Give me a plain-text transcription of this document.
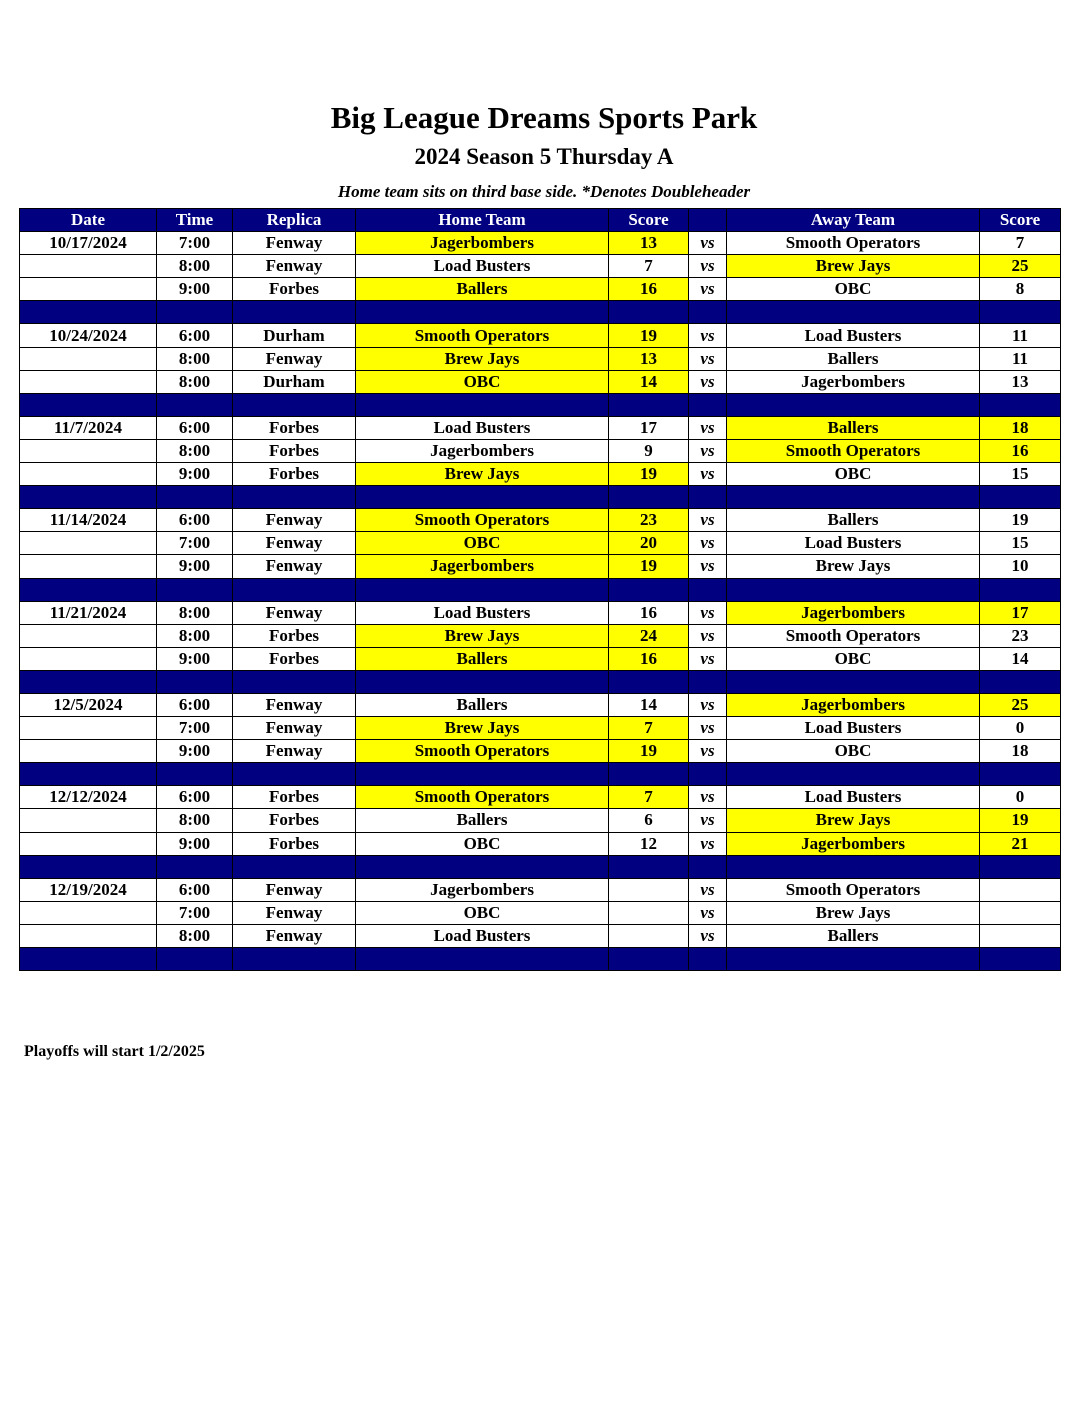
Big League Dreams Sports Park
2024 Season 5 Thursday A
Home team sits on third base side. *Denotes Doubleheader
Date	Time	Replica	Home Team	Score		Away Team	Score
10/17/2024	7:00	Fenway	Jagerbombers	13	vs	Smooth Operators	7
	8:00	Fenway	Load Busters	7	vs	Brew Jays	25
	9:00	Forbes	Ballers	16	vs	OBC	8

10/24/2024	6:00	Durham	Smooth Operators	19	vs	Load Busters	11
	8:00	Fenway	Brew Jays	13	vs	Ballers	11
	8:00	Durham	OBC	14	vs	Jagerbombers	13

11/7/2024	6:00	Forbes	Load Busters	17	vs	Ballers	18
	8:00	Forbes	Jagerbombers	9	vs	Smooth Operators	16
	9:00	Forbes	Brew Jays	19	vs	OBC	15

11/14/2024	6:00	Fenway	Smooth Operators	23	vs	Ballers	19
	7:00	Fenway	OBC	20	vs	Load Busters	15
	9:00	Fenway	Jagerbombers	19	vs	Brew Jays	10

11/21/2024	8:00	Fenway	Load Busters	16	vs	Jagerbombers	17
	8:00	Forbes	Brew Jays	24	vs	Smooth Operators	23
	9:00	Forbes	Ballers	16	vs	OBC	14

12/5/2024	6:00	Fenway	Ballers	14	vs	Jagerbombers	25
	7:00	Fenway	Brew Jays	7	vs	Load Busters	0
	9:00	Fenway	Smooth Operators	19	vs	OBC	18

12/12/2024	6:00	Forbes	Smooth Operators	7	vs	Load Busters	0
	8:00	Forbes	Ballers	6	vs	Brew Jays	19
	9:00	Forbes	OBC	12	vs	Jagerbombers	21

12/19/2024	6:00	Fenway	Jagerbombers		vs	Smooth Operators	
	7:00	Fenway	OBC		vs	Brew Jays	
	8:00	Fenway	Load Busters		vs	Ballers	

Playoffs will start 1/2/2025
